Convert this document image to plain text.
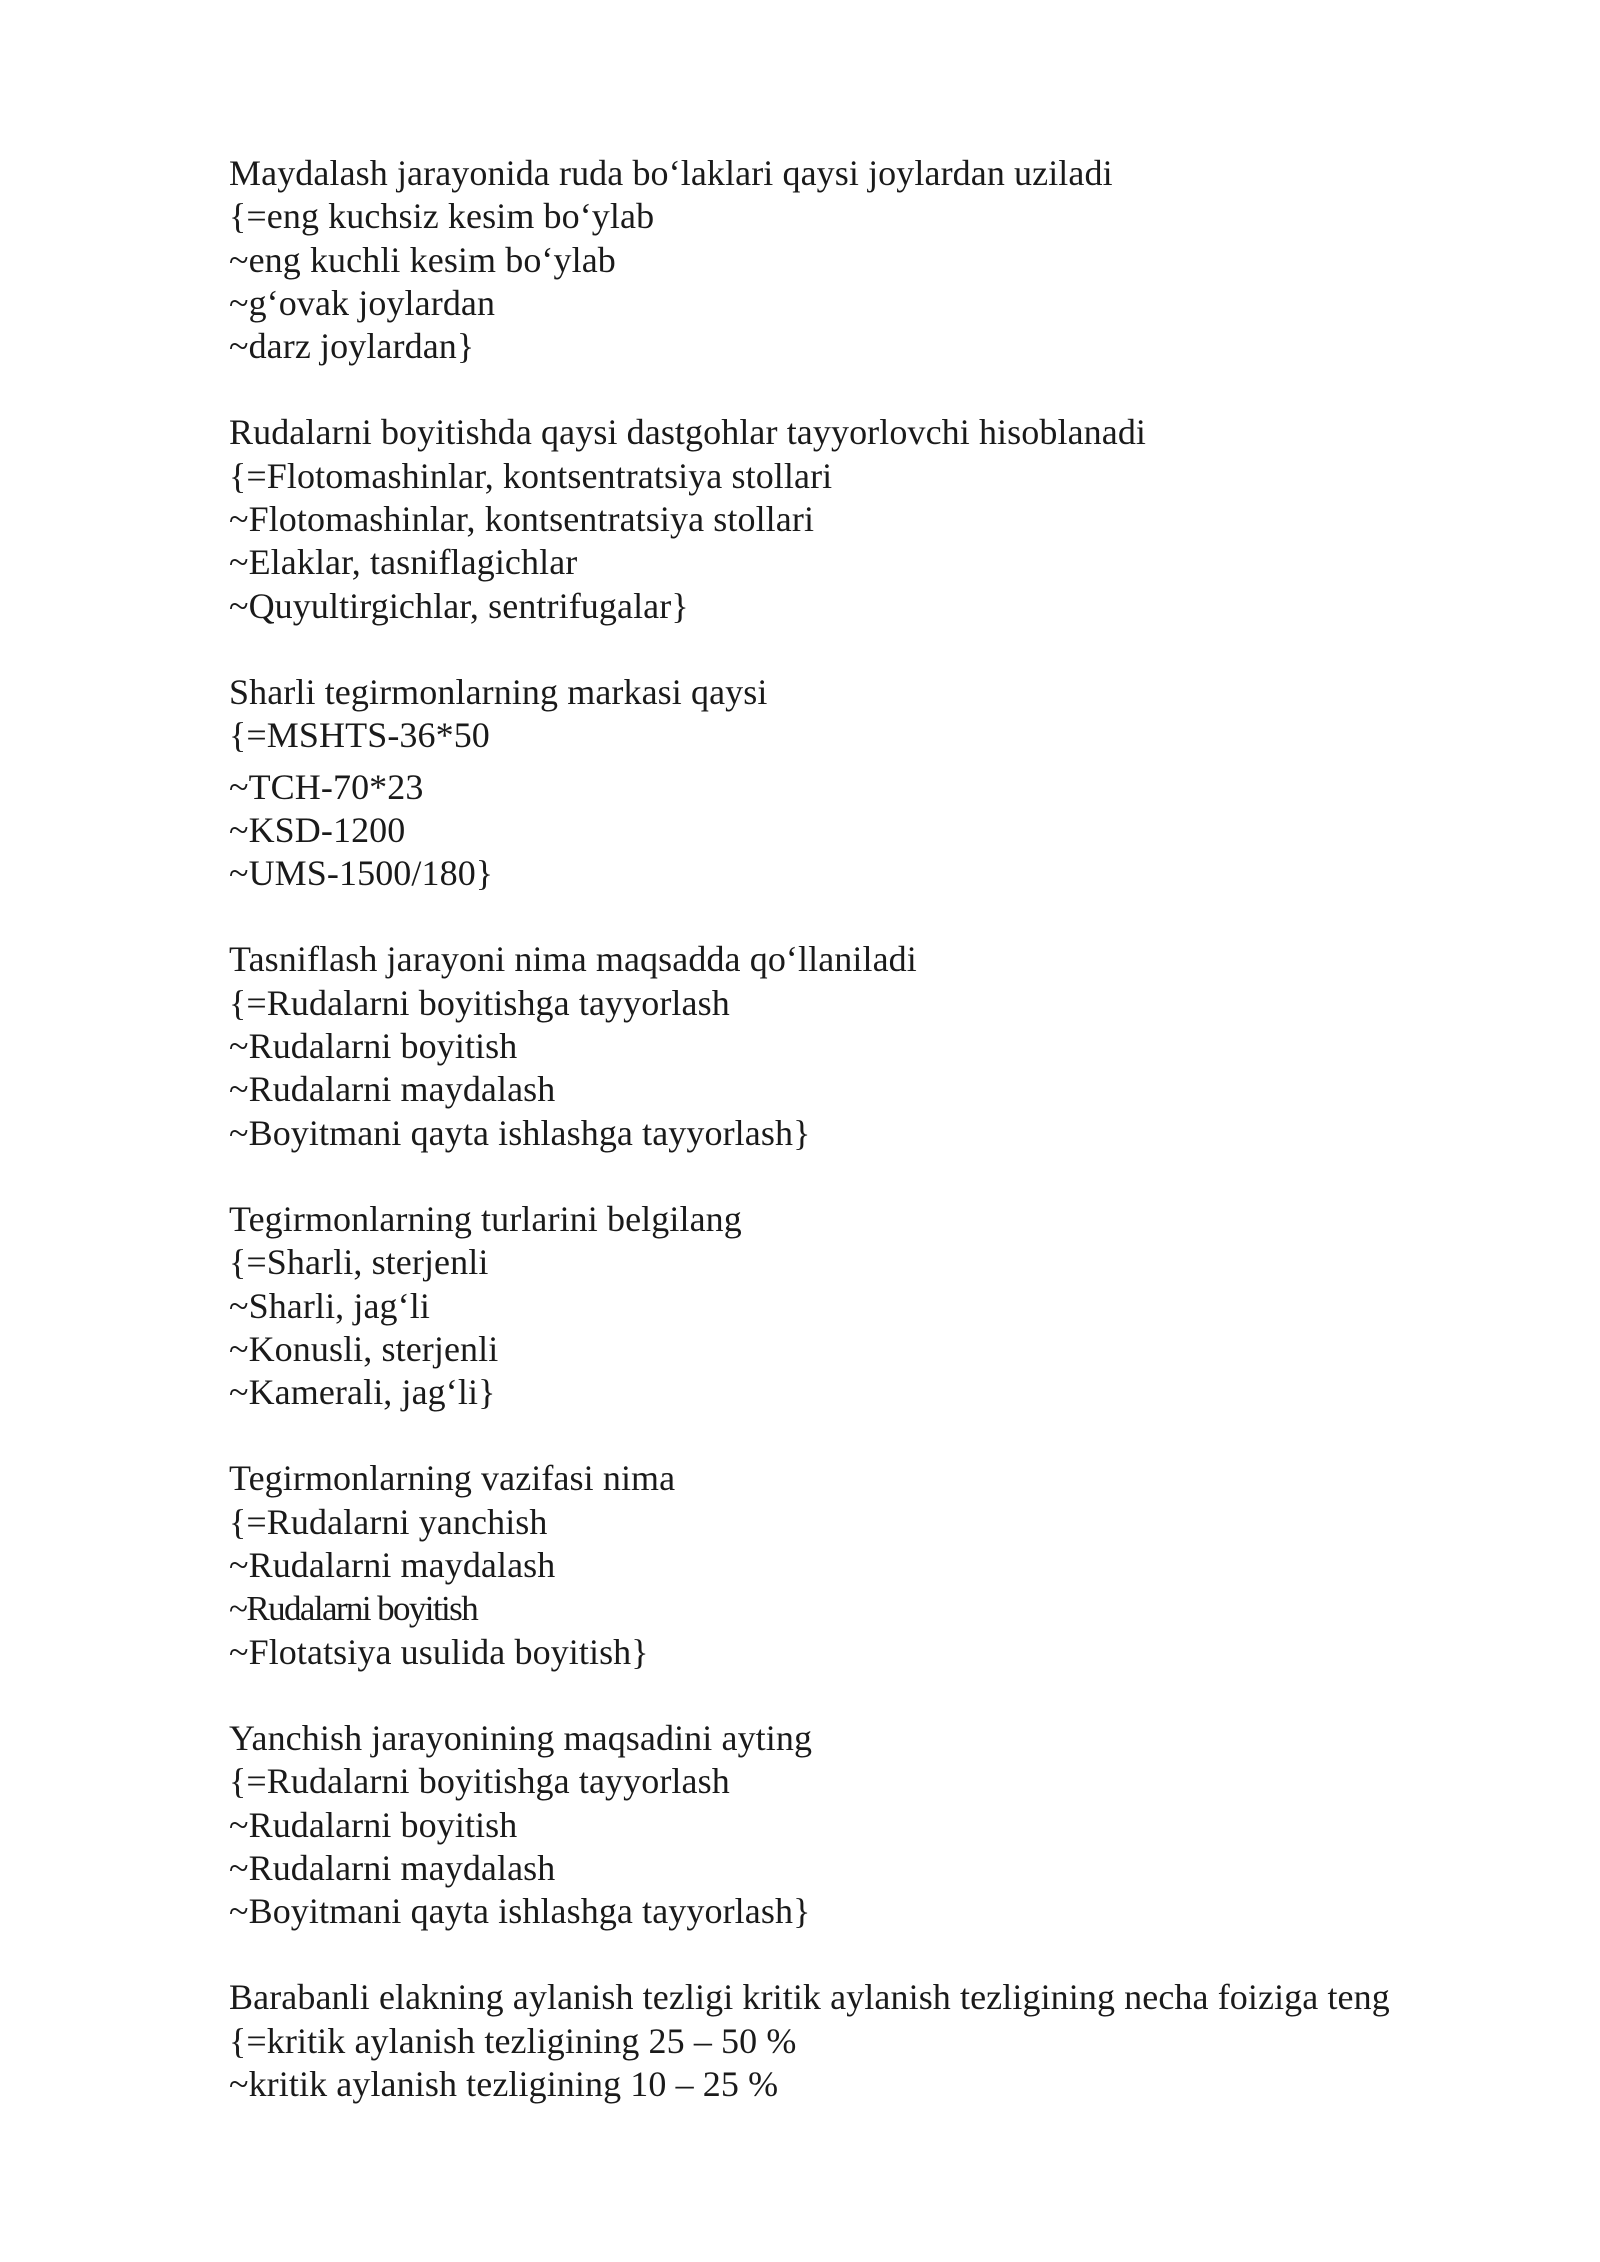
Maydalash jarayonida ruda bo‘laklari qaysi joylardan uziladi
{=eng kuchsiz kesim bo‘ylab
~eng kuchli kesim bo‘ylab
~g‘ovak joylardan
~darz joylardan}
Rudalarni boyitishda qaysi dastgohlar tayyorlovchi hisoblanadi
{=Flotomashinlar, kontsentratsiya stollari
~Flotomashinlar, kontsentratsiya stollari
~Elaklar, tasniflagichlar
~Quyultirgichlar, sentrifugalar}
Sharli tegirmonlarning markasi qaysi
{=MSHTS-36*50
~TCH-70*23
~KSD-1200
~UMS-1500/180}
Tasniflash jarayoni nima maqsadda qo‘llaniladi
{=Rudalarni boyitishga tayyorlash
~Rudalarni boyitish
~Rudalarni maydalash
~Boyitmani qayta ishlashga tayyorlash}
Tegirmonlarning turlarini belgilang
{=Sharli, sterjenli
~Sharli, jag‘li
~Konusli, sterjenli
~Kamerali, jag‘li}
Tegirmonlarning vazifasi nima
{=Rudalarni yanchish
~Rudalarni maydalash
~Rudalarni boyitish
~Flotatsiya usulida boyitish}
Yanchish jarayonining maqsadini ayting
{=Rudalarni boyitishga tayyorlash
~Rudalarni boyitish
~Rudalarni maydalash
~Boyitmani qayta ishlashga tayyorlash}
Barabanli elakning aylanish tezligi kritik aylanish tezligining necha foiziga teng
{=kritik aylanish tezligining 25 – 50 %
~kritik aylanish tezligining 10 – 25 %
